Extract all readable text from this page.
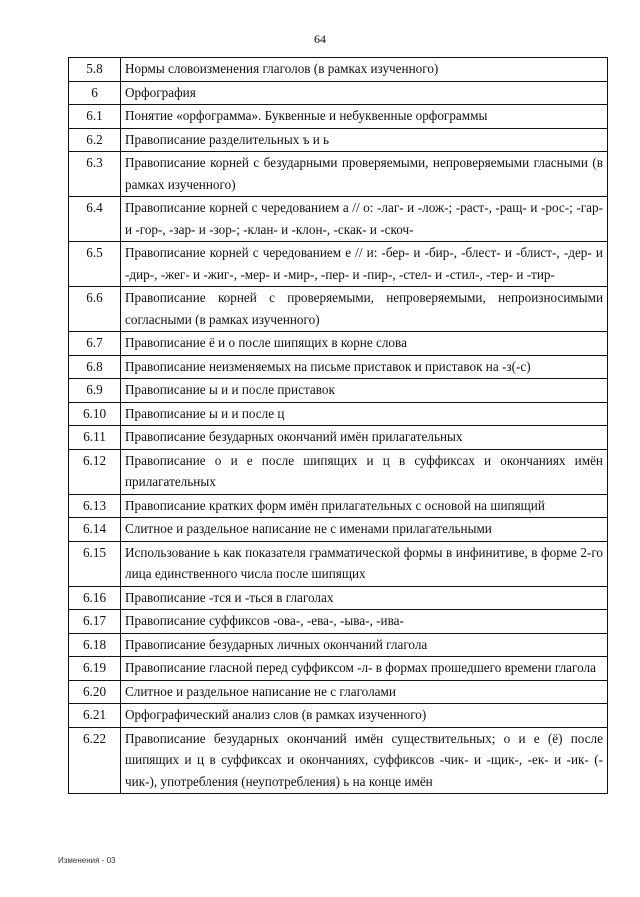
64
5.8	Нормы словоизменения глаголов (в рамках изученного)
6	Орфография
6.1	Понятие «орфограмма». Буквенные и небуквенные орфограммы
6.2	Правописание разделительных ъ и ь
6.3	Правописание корней с безударными проверяемыми, непроверяемыми гласными (в рамках изученного)
6.4	Правописание корней с чередованием а // о: -лаг- и -лож-; -раст-, -ращ- и -рос-; -гар- и -гор-, -зар- и -зор-; -клан- и -клон-, -скак- и -скоч-
6.5	Правописание корней с чередованием е // и: -бер- и -бир-, -блест- и -блист-, -дер- и -дир-, -жег- и -жиг-, -мер- и -мир-, -пер- и -пир-, -стел- и -стил-, -тер- и -тир-
6.6	Правописание корней с проверяемыми, непроверяемыми, непроизносимыми согласными (в рамках изученного)
6.7	Правописание ё и о после шипящих в корне слова
6.8	Правописание неизменяемых на письме приставок и приставок на -з(-с)
6.9	Правописание ы и и после приставок
6.10	Правописание ы и и после ц
6.11	Правописание безударных окончаний имён прилагательных
6.12	Правописание о и е после шипящих и ц в суффиксах и окончаниях имён прилагательных
6.13	Правописание кратких форм имён прилагательных с основой на шипящий
6.14	Слитное и раздельное написание не с именами прилагательными
6.15	Использование ь как показателя грамматической формы в инфинитиве, в форме 2-го лица единственного числа после шипящих
6.16	Правописание -тся и -ться в глаголах
6.17	Правописание суффиксов -ова-, -ева-, -ыва-, -ива-
6.18	Правописание безударных личных окончаний глагола
6.19	Правописание гласной перед суффиксом -л- в формах прошедшего времени глагола
6.20	Слитное и раздельное написание не с глаголами
6.21	Орфографический анализ слов (в рамках изученного)
6.22	Правописание безударных окончаний имён существительных; о и е (ё) после шипящих и ц в суффиксах и окончаниях, суффиксов -чик- и -щик-, -ек- и -ик- (-чик-), употребления (неупотребления) ь на конце имён
Изменения - 03
